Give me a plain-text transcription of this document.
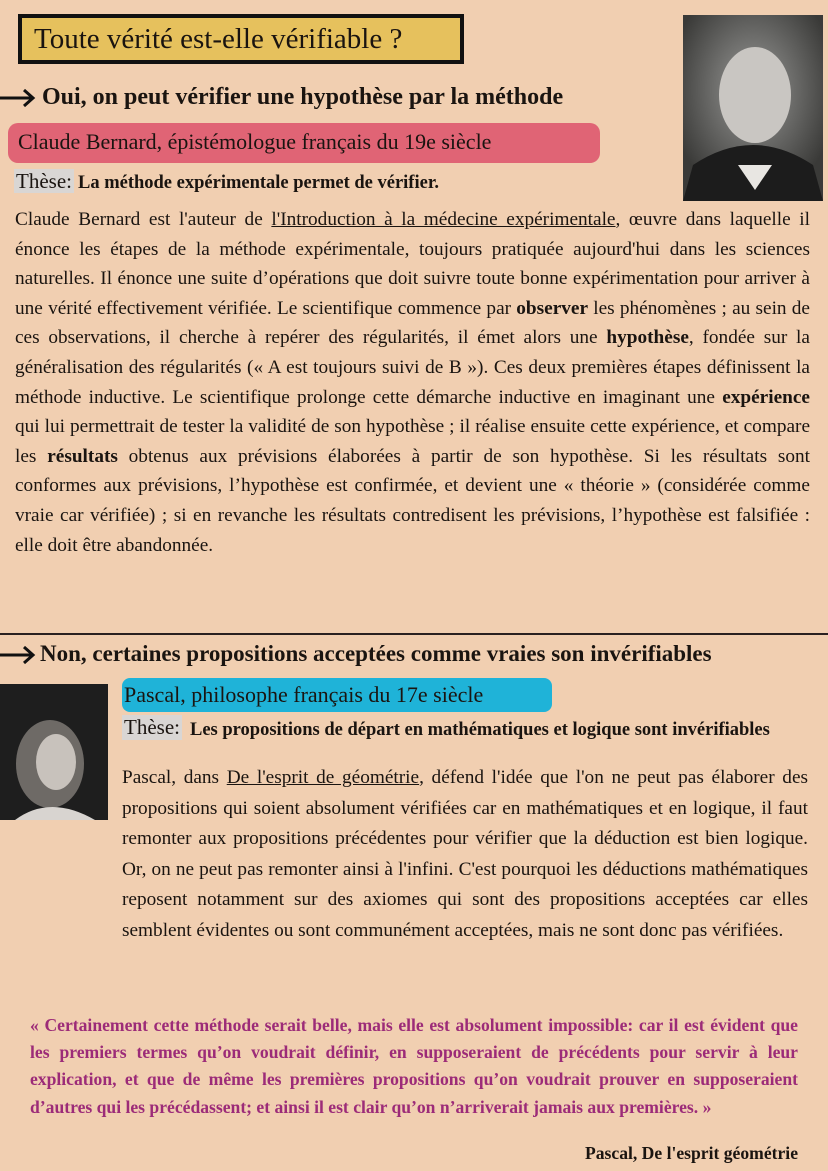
Toute vérité est-elle vérifiable ?
Oui, on peut vérifier une hypothèse par la méthode
Claude Bernard, épistémologue français du 19e siècle
Thèse: La méthode expérimentale permet de vérifier.
Claude Bernard est l'auteur de l'Introduction à la médecine expérimentale, œuvre dans laquelle il énonce les étapes de la méthode expérimentale, toujours pratiquée aujourd'hui dans les sciences naturelles. Il énonce une suite d’opérations que doit suivre toute bonne expérimentation pour arriver à une vérité effectivement vérifiée. Le scientifique commence par observer les phénomènes ; au sein de ces observations, il cherche à repérer des régularités, il émet alors une hypothèse, fondée sur la généralisation des régularités (« A est toujours suivi de B »). Ces deux premières étapes définissent la méthode inductive. Le scientifique prolonge cette démarche inductive en imaginant une expérience qui lui permettrait de tester la validité de son hypothèse ; il réalise ensuite cette expérience, et compare les résultats obtenus aux prévisions élaborées à partir de son hypothèse. Si les résultats sont conformes aux prévisions, l’hypothèse est confirmée, et devient une « théorie » (considérée comme vraie car vérifiée) ; si en revanche les résultats contredisent les prévisions, l’hypothèse est falsifiée : elle doit être abandonnée.
Non, certaines propositions acceptées comme vraies son invérifiables
Pascal, philosophe français du 17e siècle
Thèse: Les propositions de départ en mathématiques et logique sont invérifiables
Pascal, dans De l'esprit de géométrie, défend l'idée que l'on ne peut pas élaborer des propositions qui soient absolument vérifiées car en mathématiques et en logique, il faut remonter aux propositions précédentes pour vérifier que la déduction est bien logique. Or, on ne peut pas remonter ainsi à l'infini. C'est pourquoi les déductions mathématiques reposent notamment sur des axiomes qui sont des propositions acceptées car elles semblent évidentes ou sont communément acceptées, mais ne sont donc pas vérifiées.
« Certainement cette méthode serait belle, mais elle est absolument impossible: car il est évident que les premiers termes qu’on voudrait définir, en supposeraient de précédents pour servir à leur explication, et que de même les premières propositions qu’on voudrait prouver en supposeraient d’autres qui les précédassent; et ainsi il est clair qu’on n’arriverait jamais aux premières. »
Pascal, De l'esprit géométrie
